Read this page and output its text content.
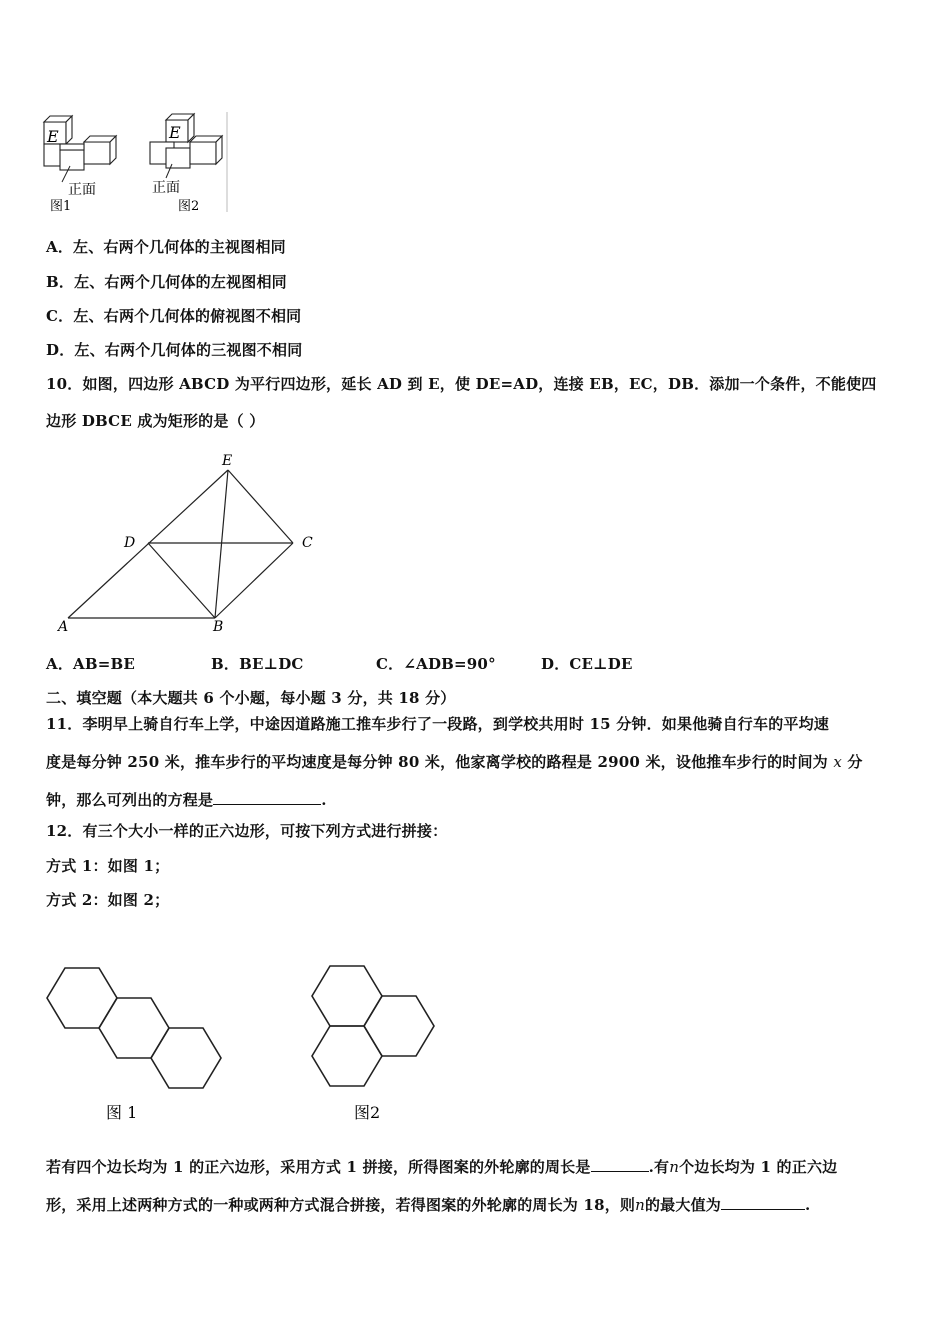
E	E
正面	正面
图1	图2
A．左、右两个几何体的主视图相同
B．左、右两个几何体的左视图相同
C．左、右两个几何体的俯视图不相同
D．左、右两个几何体的三视图不相同
10．如图，四边形 ABCD 为平行四边形，延长 AD 到 E，使 DE=AD，连接 EB，EC，DB．添加一个条件，不能使四
边形 DBCE 成为矩形的是（ ）
E
D	C
A	B
A．AB=BE	B．BE⊥DC	C．∠ADB=90°	D．CE⊥DE
二、填空题（本大题共 6 个小题，每小题 3 分，共 18 分）
11．李明早上骑自行车上学，中途因道路施工推车步行了一段路，到学校共用时 15 分钟．如果他骑自行车的平均速
度是每分钟 250 米，推车步行的平均速度是每分钟 80 米，他家离学校的路程是 2900 米，设他推车步行的时间为 x 分
钟，那么可列出的方程是	.
12．有三个大小一样的正六边形，可按下列方式进行拼接：
方式 1：如图 1；
方式 2：如图 2；
图 1	图2
若有四个边长均为 1 的正六边形，采用方式 1 拼接，所得图案的外轮廓的周长是	.有n个边长均为 1 的正六边
形，采用上述两种方式的一种或两种方式混合拼接，若得图案的外轮廓的周长为 18，则n的最大值为	.
